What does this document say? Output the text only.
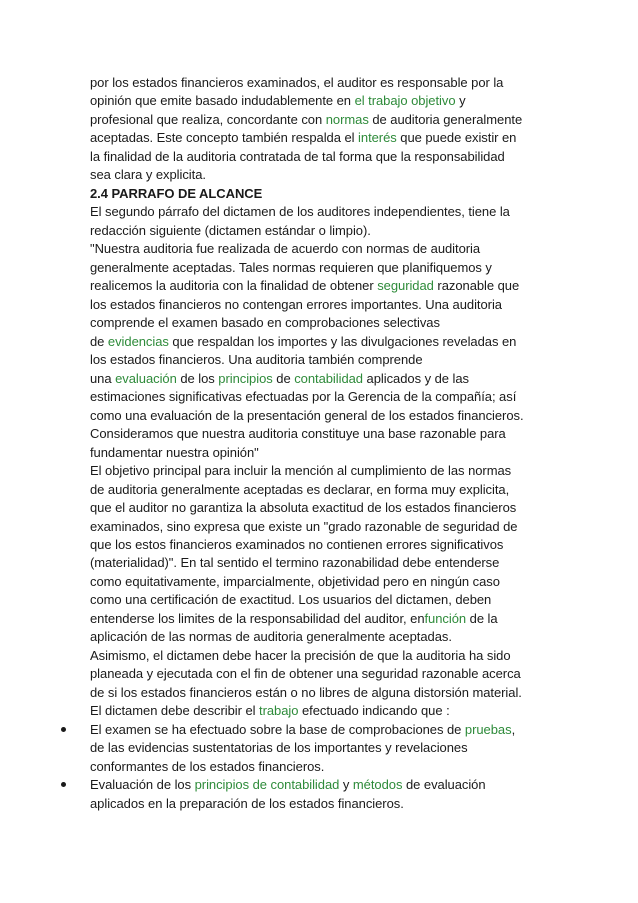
por los estados financieros examinados, el auditor es responsable por la
opinión que emite basado indudablemente en el trabajo objetivo y
profesional que realiza, concordante con normas de auditoria generalmente
aceptadas. Este concepto también respalda el interés que puede existir en
la finalidad de la auditoria contratada de tal forma que la responsabilidad
sea clara y explicita.
2.4 PARRAFO DE ALCANCE
El segundo párrafo del dictamen de los auditores independientes, tiene la
redacción siguiente (dictamen estándar o limpio).
"Nuestra auditoria fue realizada de acuerdo con normas de auditoria
generalmente aceptadas. Tales normas requieren que planifiquemos y
realicemos la auditoria con la finalidad de obtener seguridad razonable que
los estados financieros no contengan errores importantes. Una auditoria
comprende el examen basado en comprobaciones selectivas
de evidencias que respaldan los importes y las divulgaciones reveladas en
los estados financieros. Una auditoria también comprende
una evaluación de los principios de contabilidad aplicados y de las
estimaciones significativas efectuadas por la Gerencia de la compañía; así
como una evaluación de la presentación general de los estados financieros.
Consideramos que nuestra auditoria constituye una base razonable para
fundamentar nuestra opinión"
El objetivo principal para incluir la mención al cumplimiento de las normas
de auditoria generalmente aceptadas es declarar, en forma muy explicita,
que el auditor no garantiza la absoluta exactitud de los estados financieros
examinados, sino expresa que existe un "grado razonable de seguridad de
que los estos financieros examinados no contienen errores significativos
(materialidad)". En tal sentido el termino razonabilidad debe entenderse
como equitativamente, imparcialmente, objetividad pero en ningún caso
como una certificación de exactitud. Los usuarios del dictamen, deben
entenderse los limites de la responsabilidad del auditor, enfunción de la
aplicación de las normas de auditoria generalmente aceptadas.
Asimismo, el dictamen debe hacer la precisión de que la auditoria ha sido
planeada y ejecutada con el fin de obtener una seguridad razonable acerca
de si los estados financieros están o no libres de alguna distorsión material.
El dictamen debe describir el trabajo efectuado indicando que :
El examen se ha efectuado sobre la base de comprobaciones de pruebas,
de las evidencias sustentatorias de los importantes y revelaciones
conformantes de los estados financieros.
Evaluación de los principios de contabilidad y métodos de evaluación
aplicados en la preparación de los estados financieros.
